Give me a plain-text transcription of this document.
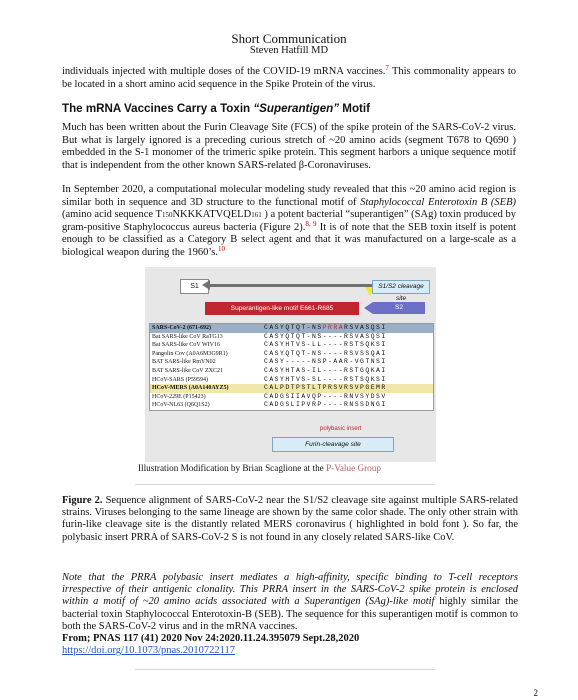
Short Communication
Steven Hatfill MD
individuals injected with multiple doses of the COVID-19 mRNA vaccines.$^7$ This commonality appears to be located in a short amino acid sequence in the Spike Protein of the virus.
The mRNA Vaccines Carry a Toxin “Superantigen” Motif
Much has been written about the Furin Cleavage Site (FCS) of the spike protein of the SARS-CoV-2 virus. But what is largely ignored is a preceding curious stretch of ~20 amino acids (segment T678 to Q690 ) embedded in the S-1 monomer of the trimeric spike protein. This segment harbors a unique sequence motif that is independent from the other known SARS-related β-Coronaviruses.
In September 2020, a computational molecular modeling study revealed that this ~20 amino acid region is similar both in sequence and 3D structure to the functional motif of Staphylococcal Enterotoxin B (SEB) (amino acid sequence T150NKKKATVQELD161 ) a potent bacterial “superantigen” (SAg) toxin produced by gram-positive Staphylococcus aureus bacteria (Figure 2).$^{8, 9}$ It is of note that the SEB toxin itself is potent enough to be classified as a Category B select agent and that it was manufactured on a large-scale as a biological weapon during the 1960’s.$^{10}$
S1	S1/S2 cleavage site
Superantigen-like motif E661-R685	S2
SARS-CoV-2 (671-692)	CASYQTQT-NSPRRARSVASQSI
Bat SARS-like CoV RaTG13	CASYQTQT-NS----RSVASQSI
Bat SARS-like CoV WIV16	CASYHTVS-LL----RSTSQKSI
Pangolin Cov (A0A6M3G9R1)	CASYQTQT-NS----RSVSSQAI
BAT SARS-like RmYN02	CASY-----NSP-AAR-VGTNSI
BAT SARS-like CoV ZXC21	CASYHTAS-IL----RSTGQKAI
HCoV-SARS (P59594)	CASYHTVS-SL----RSTSQKSI
HCoV-MERS (A0A140AYZ5)	CALPDTPSTLTPRSVRSVPGEMR
HCoV-229E (P15423)	CADGSIIAVQP----RNVSYDSV
HCoV-NL63 (Q6Q1S2)	CADGSLIPVRP----RNSSDNGI
polybasic insert
Furin-cleavage site
Illustration Modification by Brian Scaglione at the P-Value Group
Figure 2. Sequence alignment of SARS-CoV-2 near the S1/S2 cleavage site against multiple SARS-related strains. Viruses belonging to the same lineage are shown by the same color shade. The only other strain with furin-like cleavage site is the distantly related MERS coronavirus ( highlighted in bold font ). So far, the polybasic insert PRRA of SARS-CoV-2 S is not found in any closely related SARS-like CoV.
Note that the PRRA polybasic insert mediates a high-affinity, specific binding to T-cell receptors irrespective of their antigenic clonality. This PRRA insert in the SARS-CoV-2 spike protein is enclosed within a motif of ~20 amino acids associated with a Superantigen (SAg)-like motif highly similar the bacterial toxin Staphylococcal Enterotoxin-B (SEB). The sequence for this superantigen motif is common to both the SARS-CoV-2 virus and in the mRNA vaccines.
From; PNAS 117 (41) 2020 Nov 24:2020.11.24.395079 Sept.28,2020
https://doi.org/10.1073/pnas.2010722117
2
